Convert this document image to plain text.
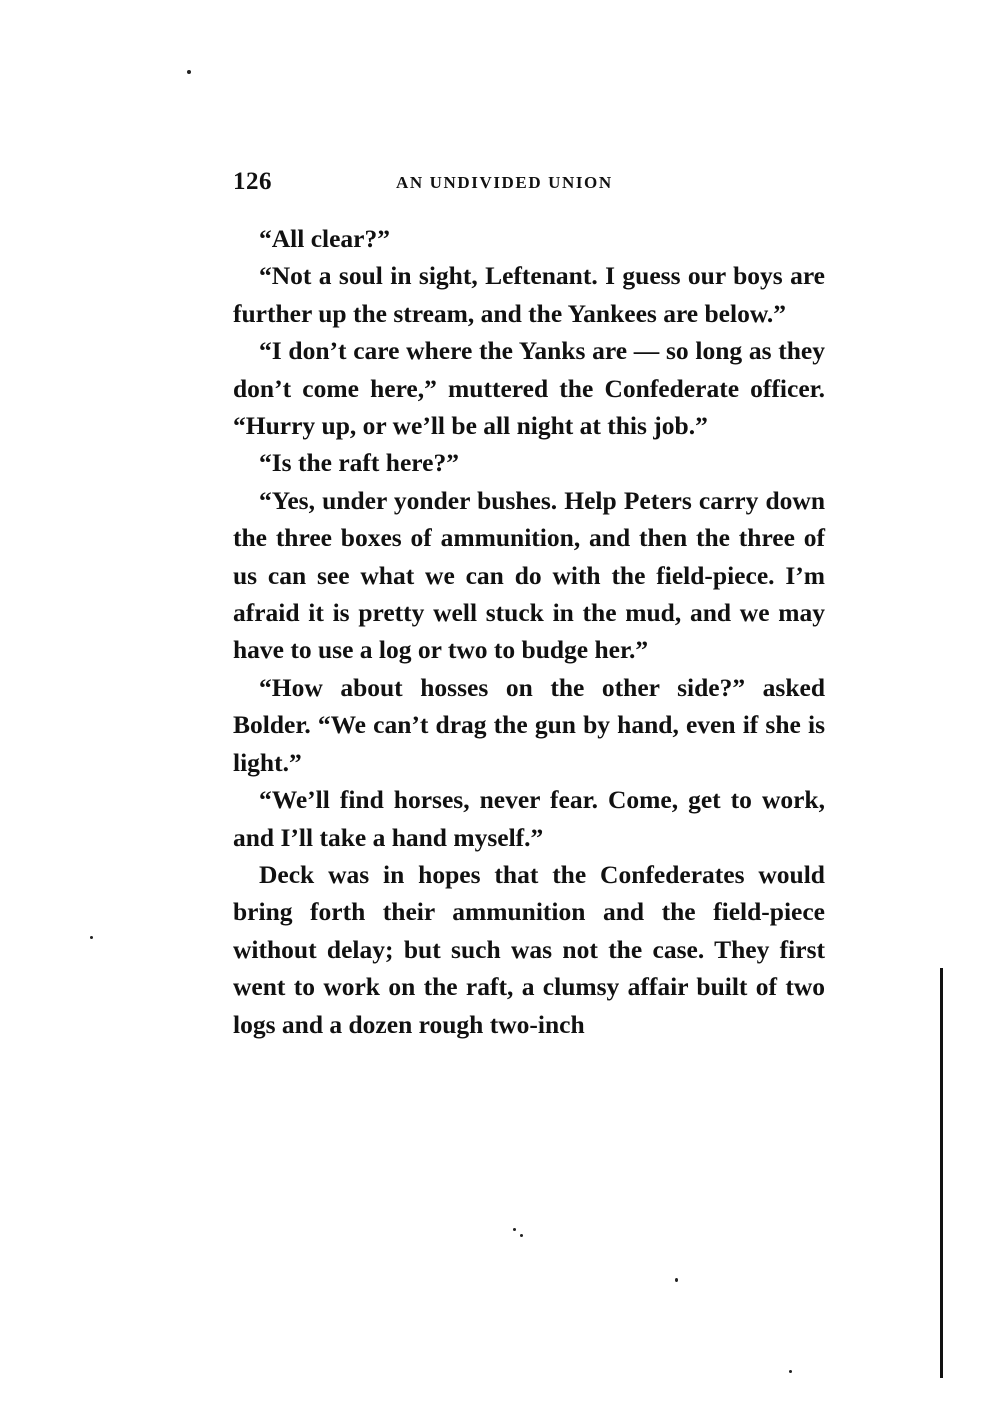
126	AN UNDIVIDED UNION

“All clear?”

“Not a soul in sight, Leftenant. I guess our boys are further up the stream, and the Yankees are below.”

“I don’t care where the Yanks are — so long as they don’t come here,” muttered the Confederate officer. “Hurry up, or we’ll be all night at this job.”

“Is the raft here?”

“Yes, under yonder bushes. Help Peters carry down the three boxes of ammunition, and then the three of us can see what we can do with the field-piece. I’m afraid it is pretty well stuck in the mud, and we may have to use a log or two to budge her.”

“How about hosses on the other side?” asked Bolder. “We can’t drag the gun by hand, even if she is light.”

“We’ll find horses, never fear. Come, get to work, and I’ll take a hand myself.”

Deck was in hopes that the Confederates would bring forth their ammunition and the field-piece without delay; but such was not the case. They first went to work on the raft, a clumsy affair built of two logs and a dozen rough two-inch
